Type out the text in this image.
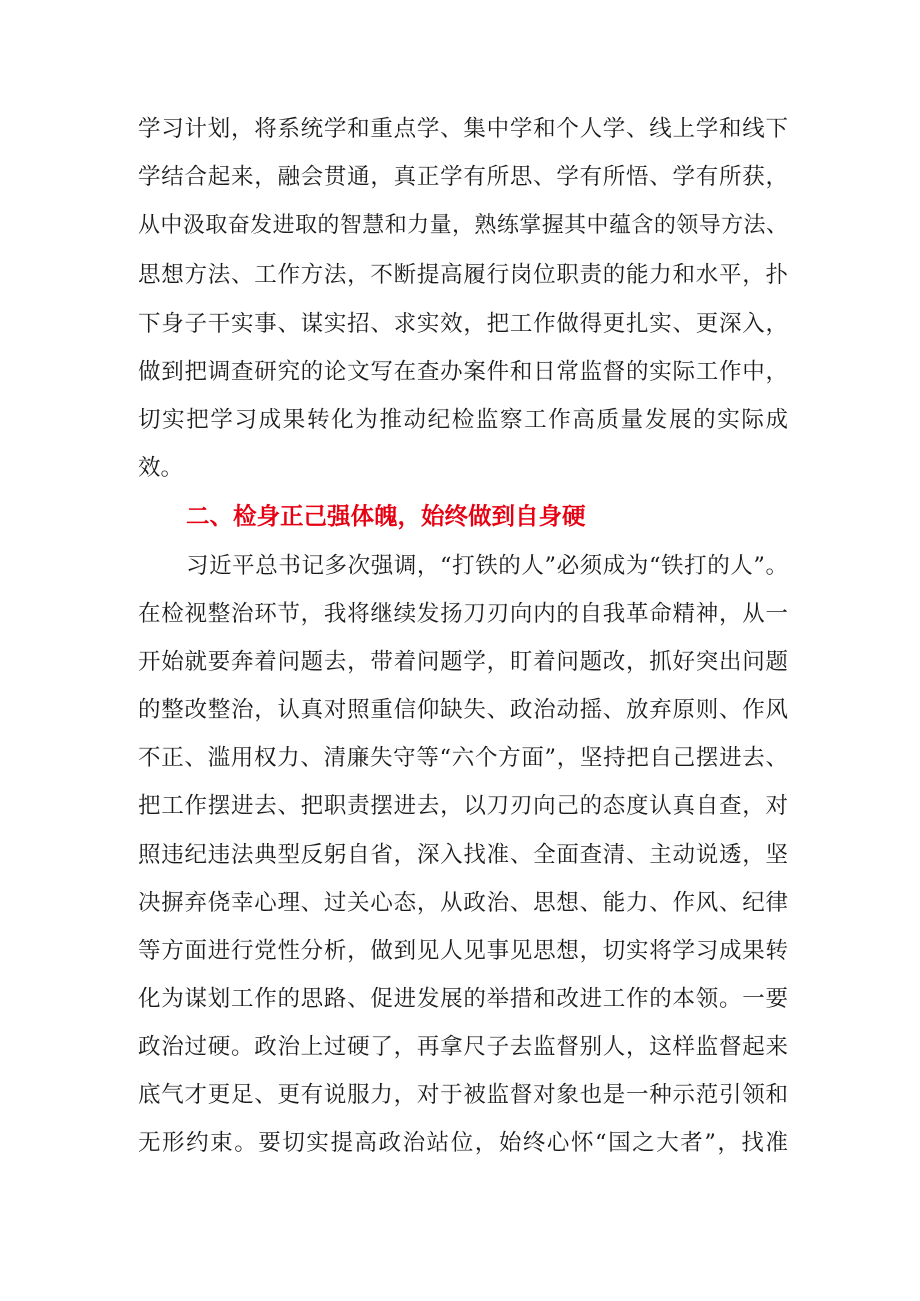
学习计划，将系统学和重点学、集中学和个人学、线上学和线下
学结合起来，融会贯通，真正学有所思、学有所悟、学有所获，
从中汲取奋发进取的智慧和力量，熟练掌握其中蕴含的领导方法、
思想方法、工作方法，不断提高履行岗位职责的能力和水平，扑
下身子干实事、谋实招、求实效，把工作做得更扎实、更深入，
做到把调查研究的论文写在查办案件和日常监督的实际工作中，
切实把学习成果转化为推动纪检监察工作高质量发展的实际成
效。
二、检身正己强体魄，始终做到自身硬
习近平总书记多次强调，“打铁的人”必须成为“铁打的人”。
在检视整治环节，我将继续发扬刀刃向内的自我革命精神，从一
开始就要奔着问题去，带着问题学，盯着问题改，抓好突出问题
的整改整治，认真对照重信仰缺失、政治动摇、放弃原则、作风
不正、滥用权力、清廉失守等“六个方面”，坚持把自己摆进去、
把工作摆进去、把职责摆进去，以刀刃向己的态度认真自查，对
照违纪违法典型反躬自省，深入找准、全面查清、主动说透，坚
决摒弃侥幸心理、过关心态，从政治、思想、能力、作风、纪律
等方面进行党性分析，做到见人见事见思想，切实将学习成果转
化为谋划工作的思路、促进发展的举措和改进工作的本领。一要
政治过硬。政治上过硬了，再拿尺子去监督别人，这样监督起来
底气才更足、更有说服力，对于被监督对象也是一种示范引领和
无形约束。要切实提高政治站位，始终心怀“国之大者”，找准
